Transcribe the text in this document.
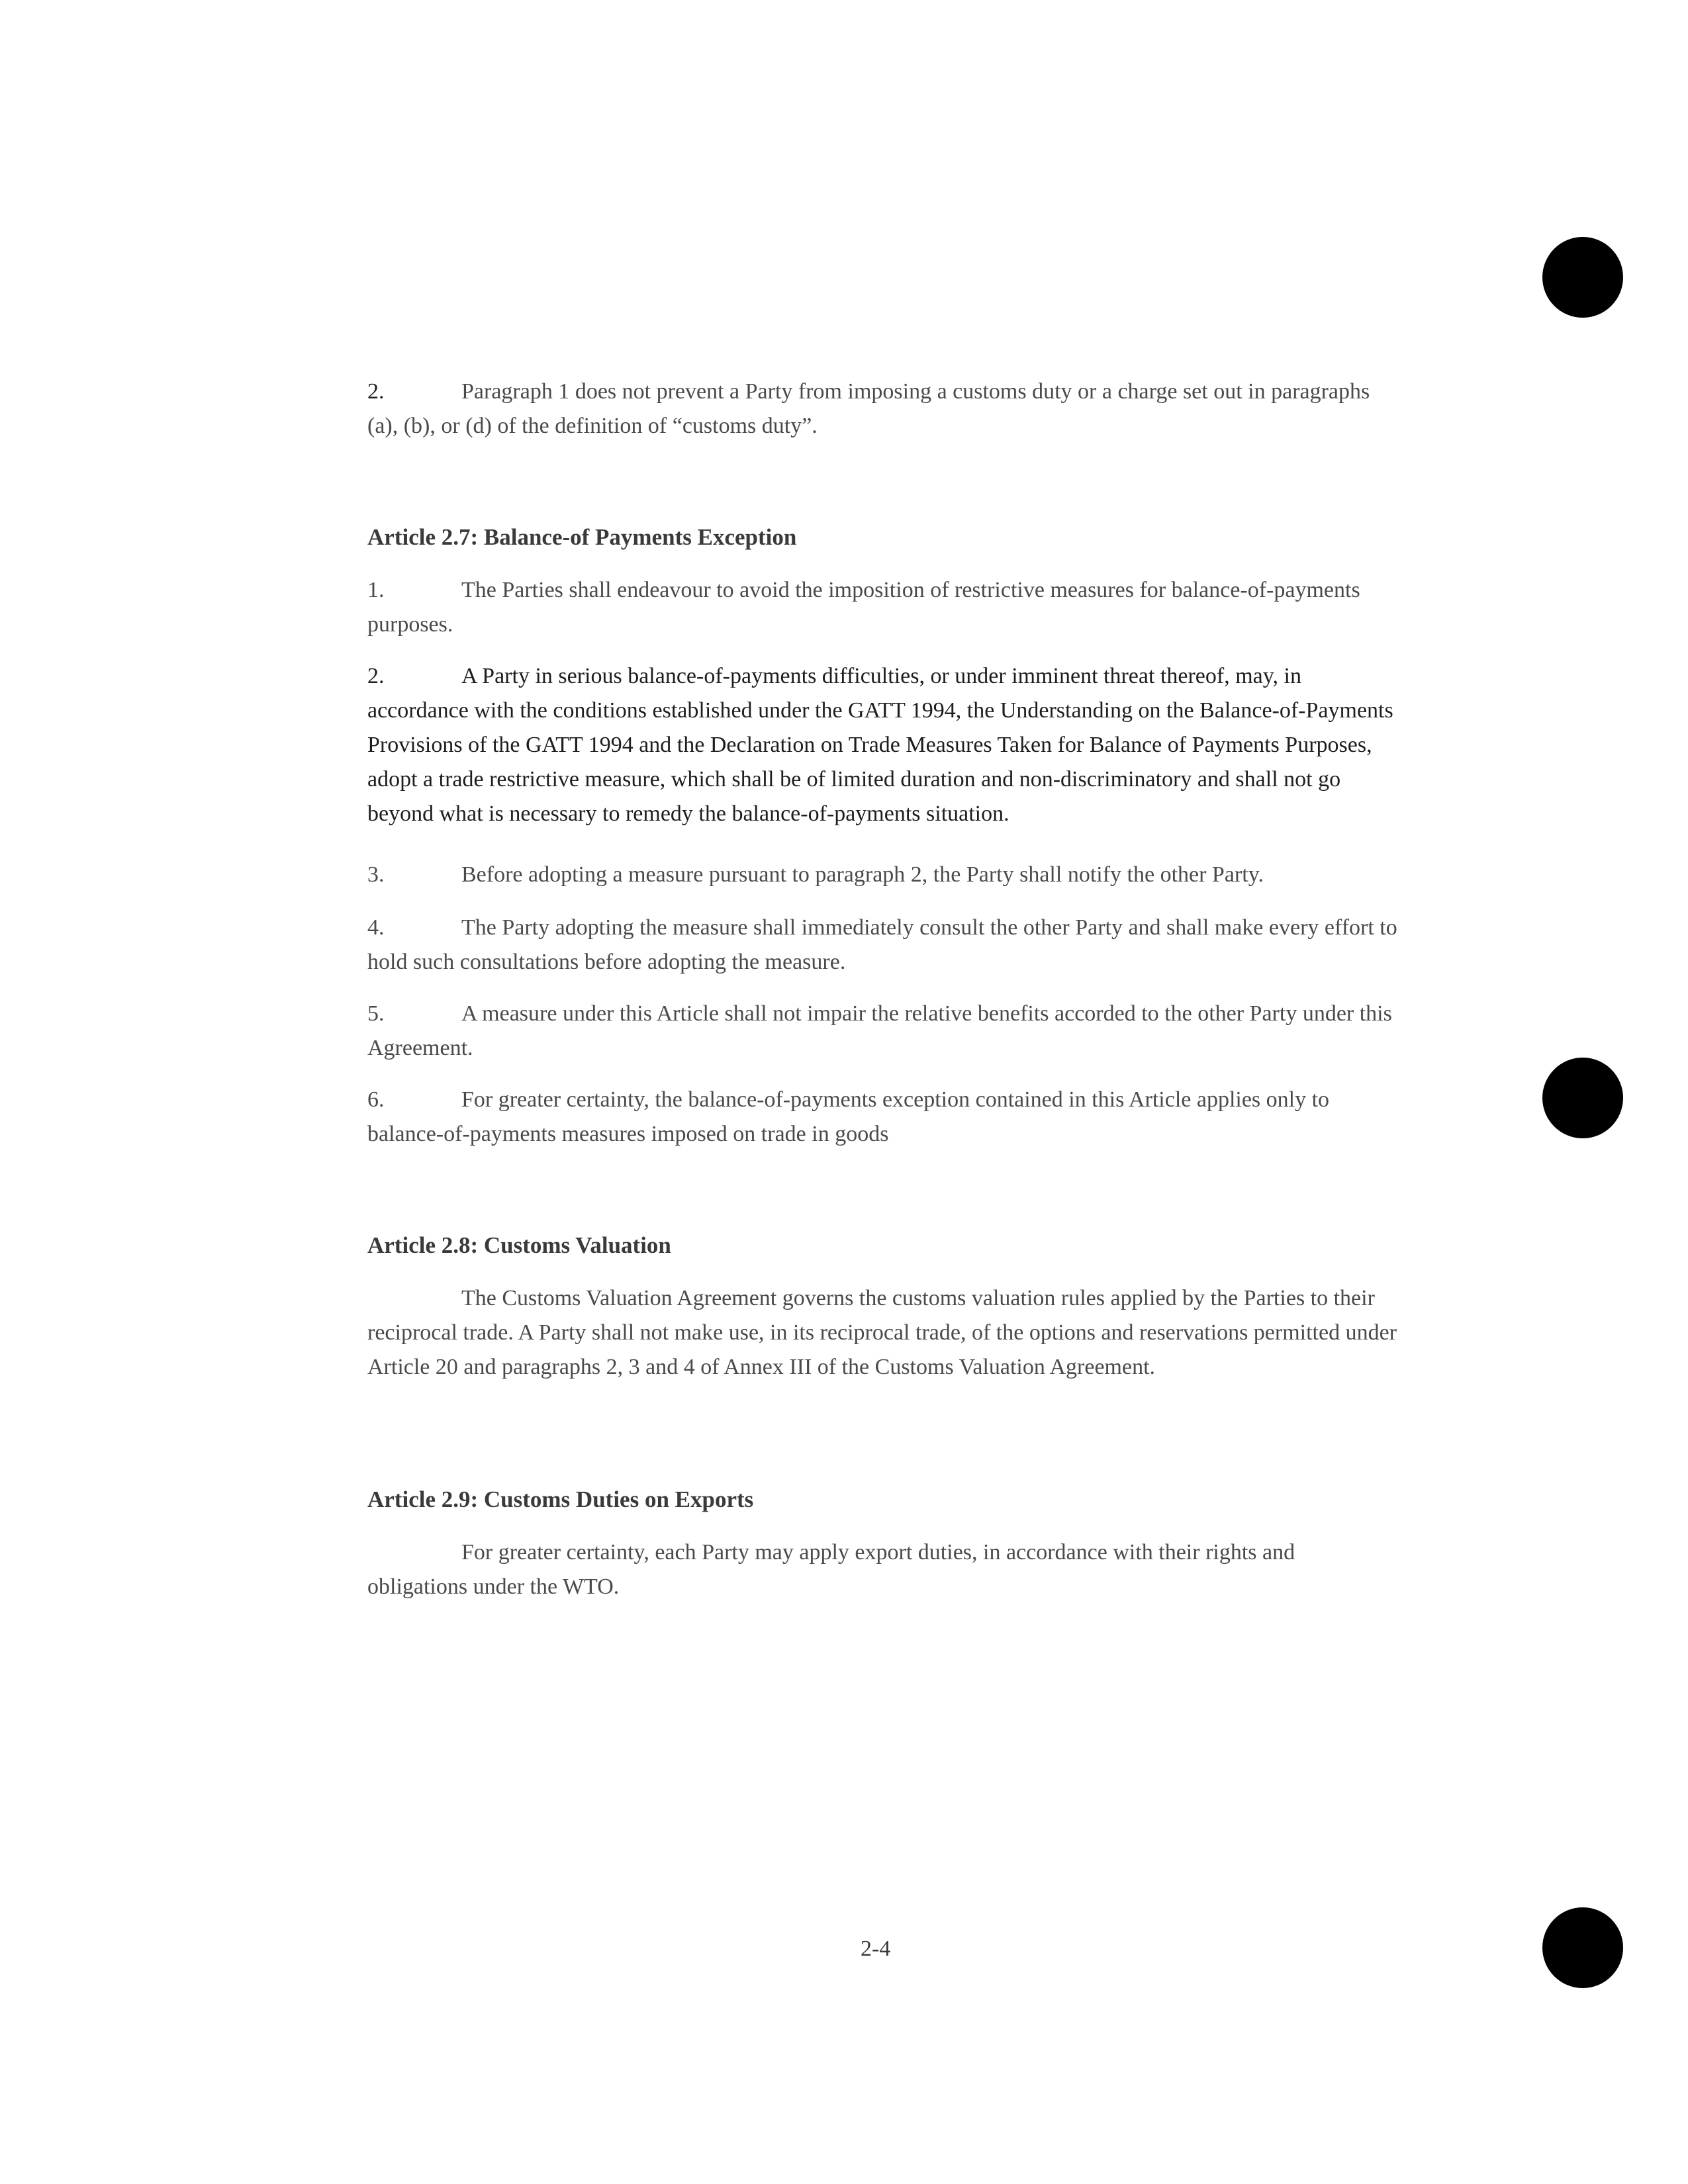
2.	Paragraph 1 does not prevent a Party from imposing a customs duty or a charge set out in paragraphs (a), (b), or (d) of the definition of “customs duty”.

Article 2.7: Balance-of Payments Exception

1.	The Parties shall endeavour to avoid the imposition of restrictive measures for balance-of-payments purposes.

2.	A Party in serious balance-of-payments difficulties, or under imminent threat thereof, may, in accordance with the conditions established under the GATT 1994, the Understanding on the Balance-of-Payments Provisions of the GATT 1994 and the Declaration on Trade Measures Taken for Balance of Payments Purposes, adopt a trade restrictive measure, which shall be of limited duration and non-discriminatory and shall not go beyond what is necessary to remedy the balance-of-payments situation.

3.	Before adopting a measure pursuant to paragraph 2, the Party shall notify the other Party.

4.	The Party adopting the measure shall immediately consult the other Party and shall make every effort to hold such consultations before adopting the measure.

5.	A measure under this Article shall not impair the relative benefits accorded to the other Party under this Agreement.

6.	For greater certainty, the balance-of-payments exception contained in this Article applies only to balance-of-payments measures imposed on trade in goods

Article 2.8: Customs Valuation

The Customs Valuation Agreement governs the customs valuation rules applied by the Parties to their reciprocal trade. A Party shall not make use, in its reciprocal trade, of the options and reservations permitted under Article 20 and paragraphs 2, 3 and 4 of Annex III of the Customs Valuation Agreement.

Article 2.9: Customs Duties on Exports

For greater certainty, each Party may apply export duties, in accordance with their rights and obligations under the WTO.

2-4
